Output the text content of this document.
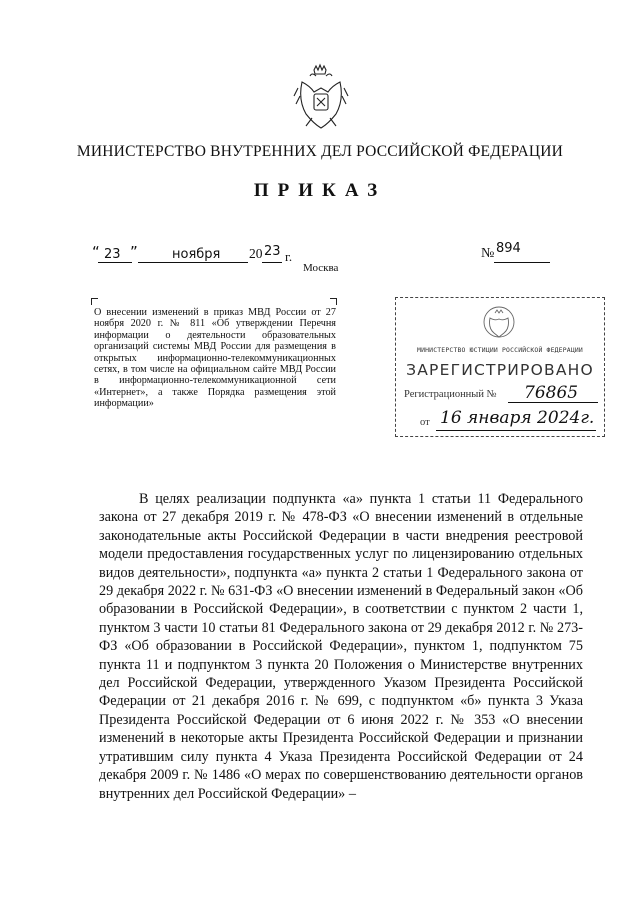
МИНИСТЕРСТВО ВНУТРЕННИХ ДЕЛ РОССИЙСКОЙ ФЕДЕРАЦИИ
ПРИКАЗ
“ 23 ”	ноября 20 23 г.	№ 894
Москва
О внесении изменений в приказ МВД России от 27 ноября 2020 г. № 811 «Об утверждении Перечня информации о деятельности образовательных организаций системы МВД России для размещения в открытых информационно-телекоммуникационных сетях, в том числе на официальном сайте МВД России в информационно-телекоммуникационной сети «Интернет», а также Порядка размещения этой информации»
МИНИСТЕРСТВО ЮСТИЦИИ РОССИЙСКОЙ ФЕДЕРАЦИИ
ЗАРЕГИСТРИРОВАНО
Регистрационный № 76865
от 16 января 2024г.
В целях реализации подпункта «а» пункта 1 статьи 11 Федерального закона от 27 декабря 2019 г. № 478-ФЗ «О внесении изменений в отдельные законодательные акты Российской Федерации в части внедрения реестровой модели предоставления государственных услуг по лицензированию отдельных видов деятельности», подпункта «а» пункта 2 статьи 1 Федерального закона от 29 декабря 2022 г. № 631-ФЗ «О внесении изменений в Федеральный закон «Об образовании в Российской Федерации», в соответствии с пунктом 2 части 1, пунктом 3 части 10 статьи 81 Федерального закона от 29 декабря 2012 г. № 273-ФЗ «Об образовании в Российской Федерации», пунктом 1, подпунктом 75 пункта 11 и подпунктом 3 пункта 20 Положения о Министерстве внутренних дел Российской Федерации, утвержденного Указом Президента Российской Федерации от 21 декабря 2016 г. № 699, с подпунктом «б» пункта 3 Указа Президента Российской Федерации от 6 июня 2022 г. № 353 «О внесении изменений в некоторые акты Президента Российской Федерации и признании утратившим силу пункта 4 Указа Президента Российской Федерации от 24 декабря 2009 г. № 1486 «О мерах по совершенствованию деятельности органов внутренних дел Российской Федерации» –
